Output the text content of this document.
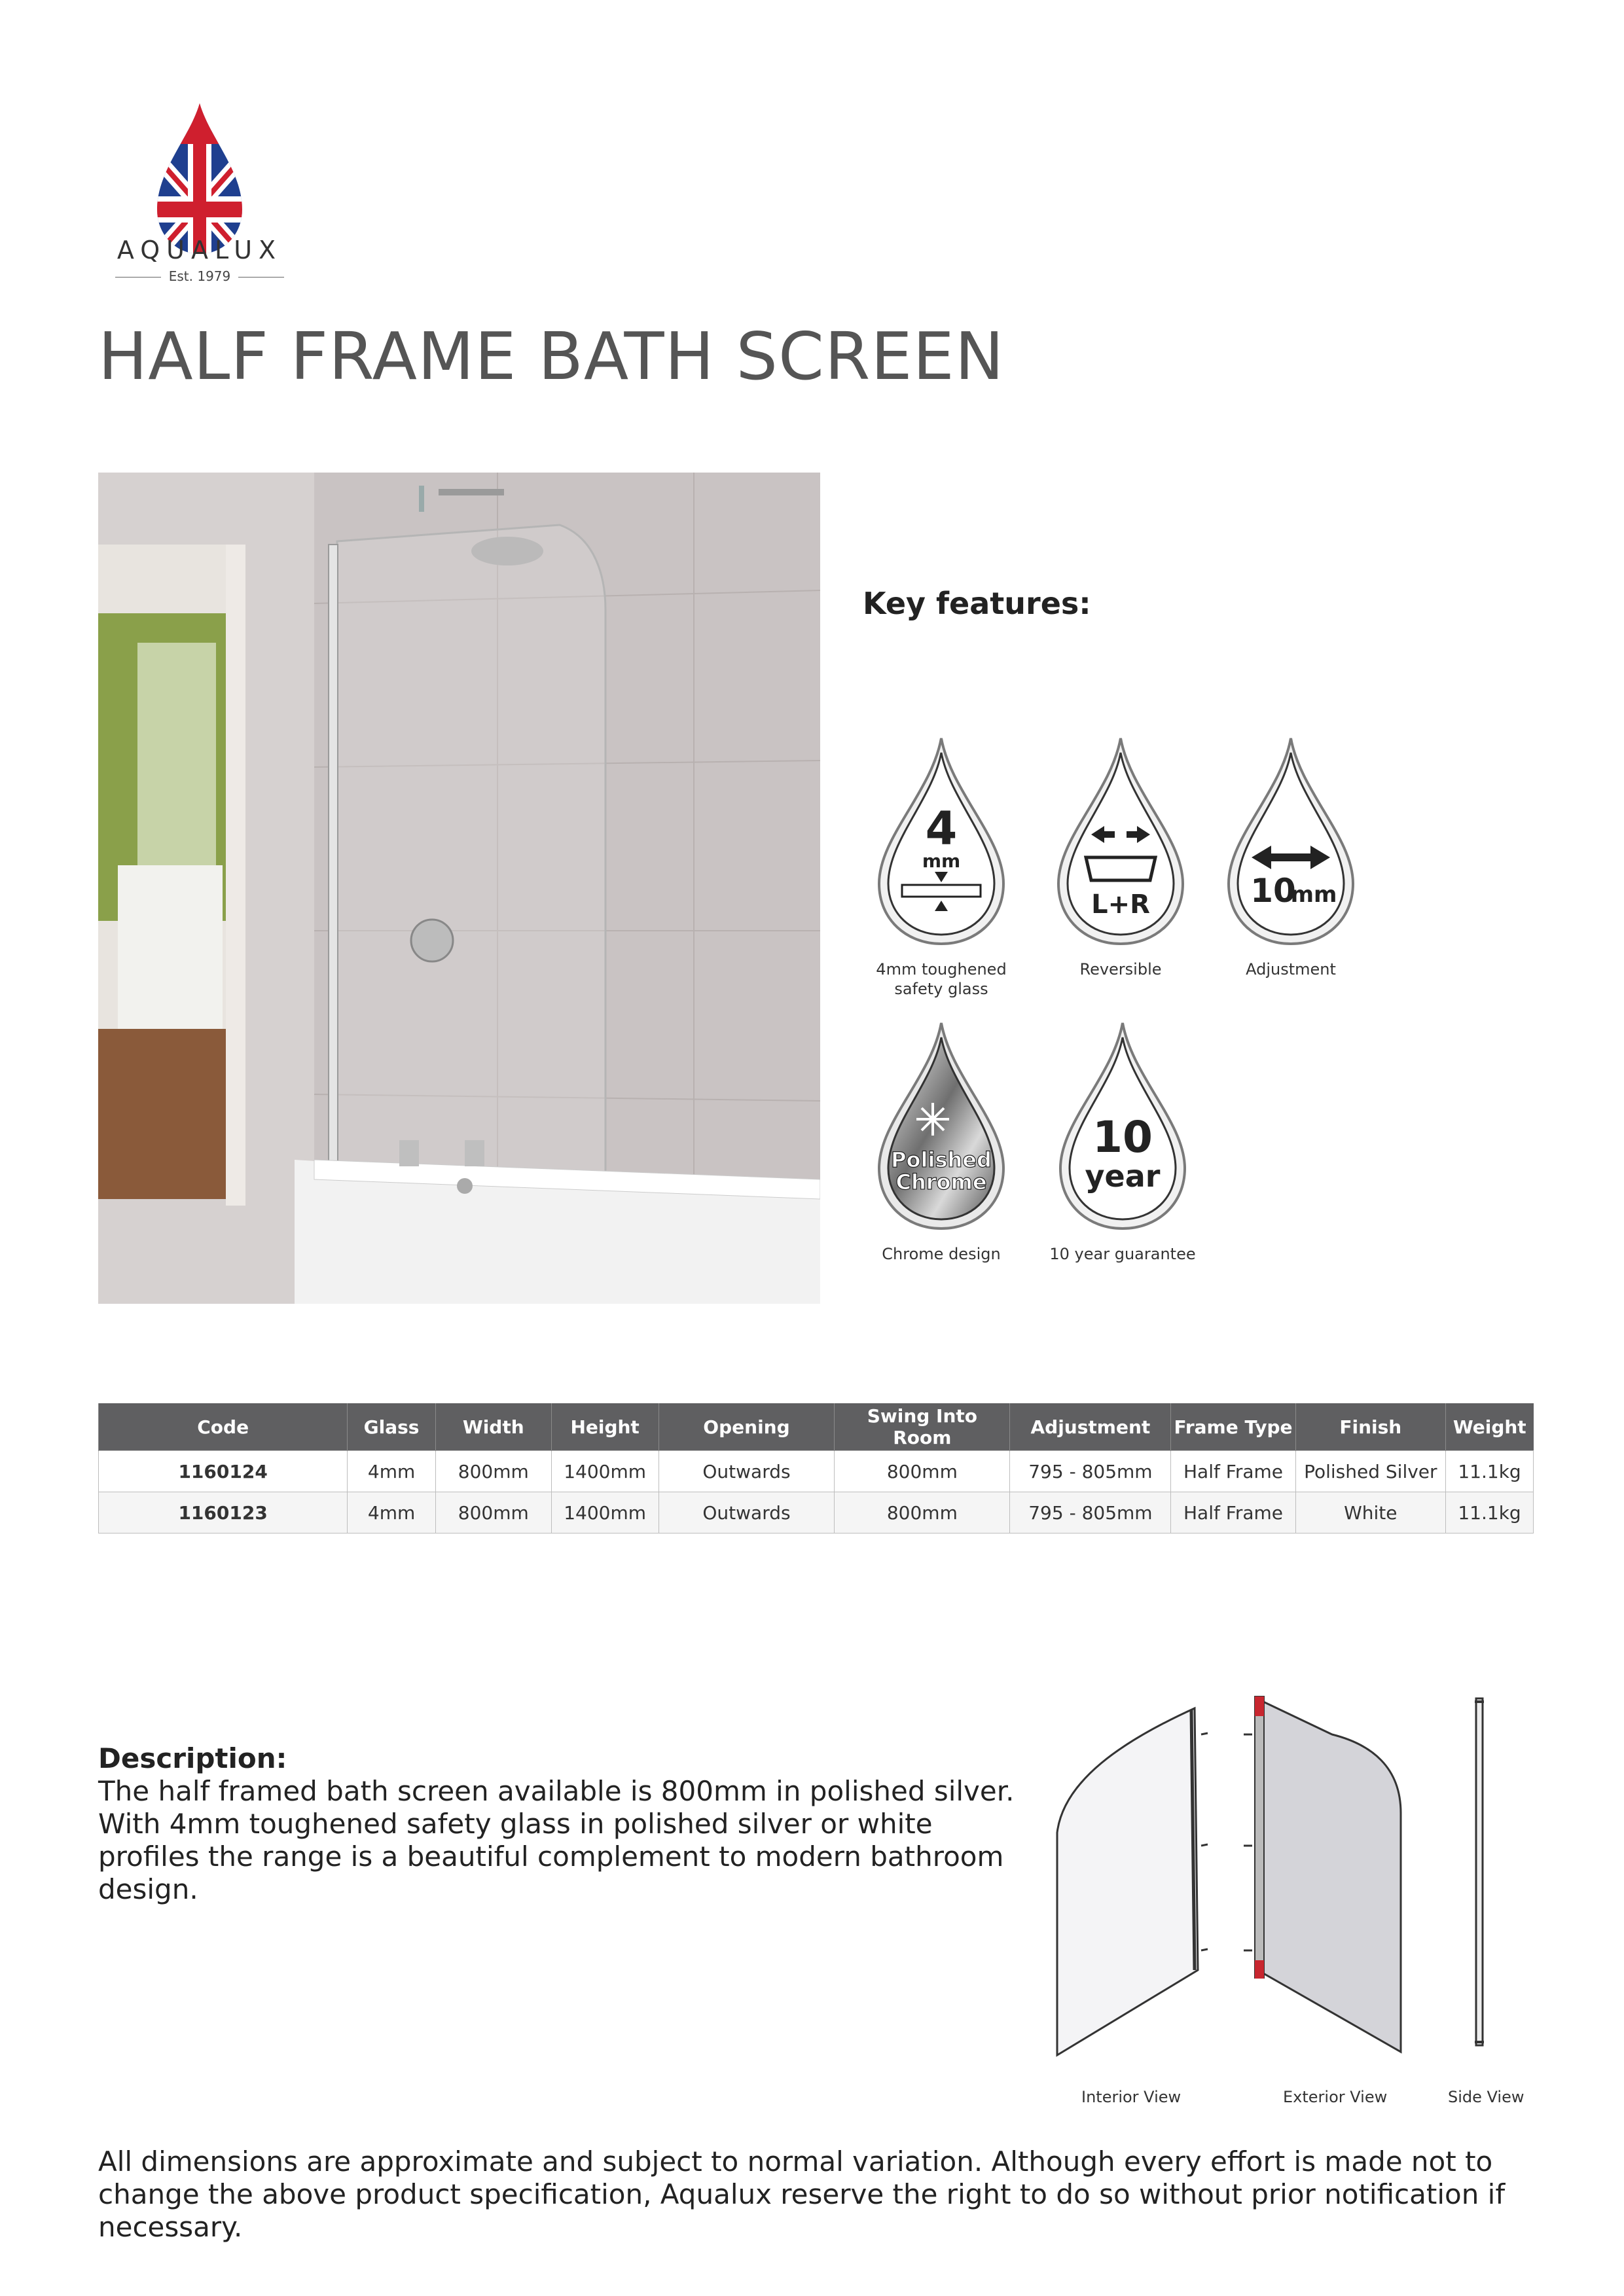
AQUALUX
Est. 1979
HALF FRAME BATH SCREEN
Key features:
4
mm
4mm toughened
safety glass
L+R
Reversible
10
mm
Adjustment
Polished
Chrome
Chrome design
10
year
10 year guarantee
Code	Glass	Width	Height	Opening	Swing Into Room	Adjustment	Frame Type	Finish	Weight
1160124	4mm	800mm	1400mm	Outwards	800mm	795 - 805mm	Half Frame	Polished Silver	11.1kg
1160123	4mm	800mm	1400mm	Outwards	800mm	795 - 805mm	Half Frame	White	11.1kg
Description:
The half framed bath screen available is 800mm in polished silver. With 4mm toughened safety glass in polished silver or white profiles the range is a beautiful complement to modern bathroom design.
Interior View	Exterior View	Side View
All dimensions are approximate and subject to normal variation. Although every effort is made not to change the above product specification, Aqualux reserve the right to do so without prior notification if necessary.
